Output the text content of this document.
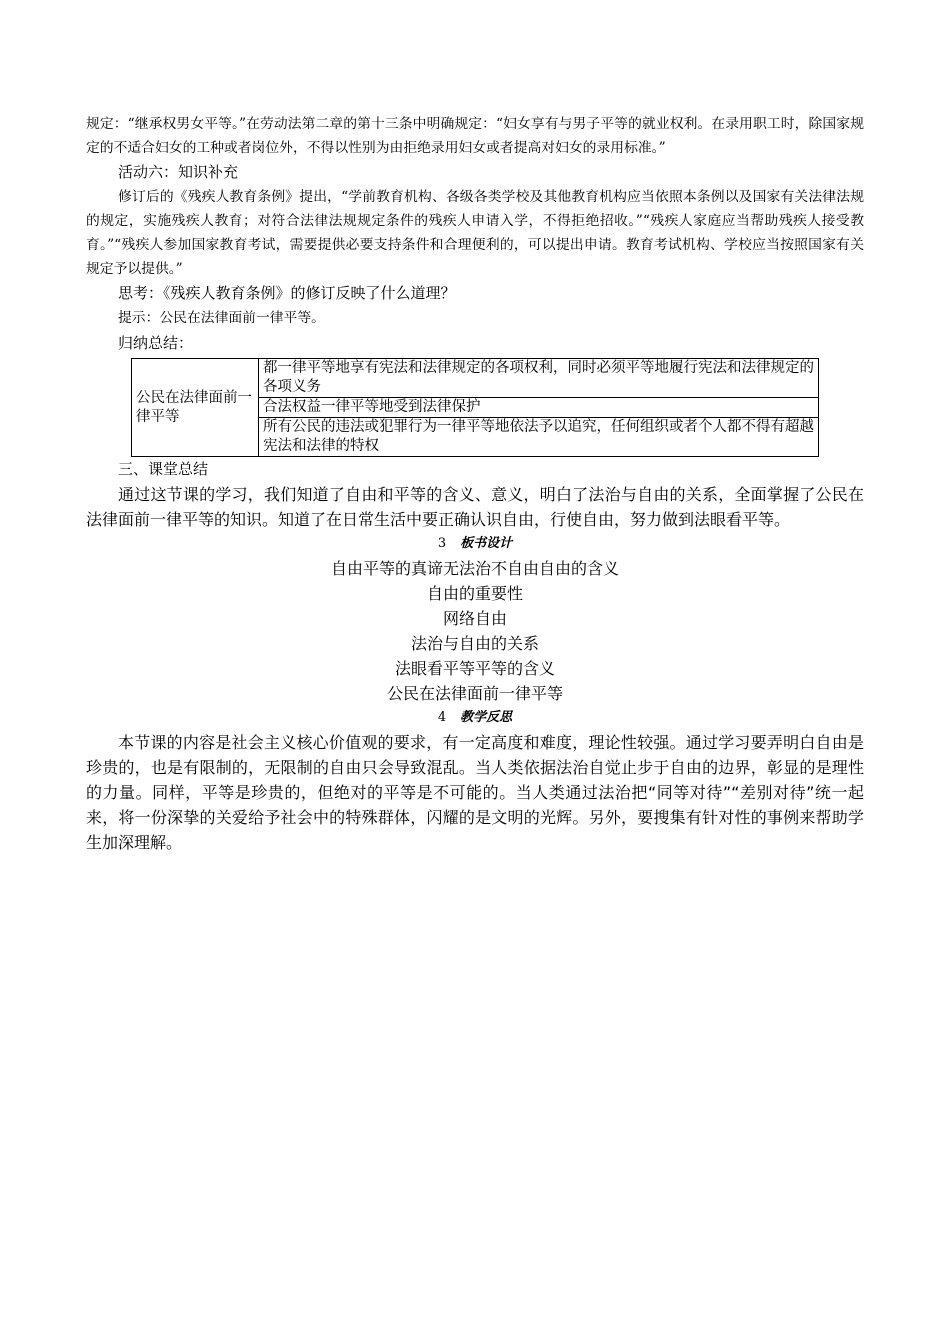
规定：“继承权男女平等。”在劳动法第二章的第十三条中明确规定：“妇女享有与男子平等的就业权利。在录用职工时，除国家规定的不适合妇女的工种或者岗位外，不得以性别为由拒绝录用妇女或者提高对妇女的录用标准。”

活动六：知识补充

修订后的《残疾人教育条例》提出，“学前教育机构、各级各类学校及其他教育机构应当依照本条例以及国家有关法律法规的规定，实施残疾人教育；对符合法律法规规定条件的残疾人申请入学，不得拒绝招收。”“残疾人家庭应当帮助残疾人接受教育。”“残疾人参加国家教育考试，需要提供必要支持条件和合理便利的，可以提出申请。教育考试机构、学校应当按照国家有关规定予以提供。”

思考：《残疾人教育条例》的修订反映了什么道理？

提示：公民在法律面前一律平等。

归纳总结：

公民在法律面前一律平等	都一律平等地享有宪法和法律规定的各项权利，同时必须平等地履行宪法和法律规定的各项义务
合法权益一律平等地受到法律保护
所有公民的违法或犯罪行为一律平等地依法予以追究，任何组织或者个人都不得有超越宪法和法律的特权

三、课堂总结

通过这节课的学习，我们知道了自由和平等的含义、意义，明白了法治与自由的关系，全面掌握了公民在法律面前一律平等的知识。知道了在日常生活中要正确认识自由，行使自由，努力做到法眼看平等。

3 板书设计

自由平等的真谛无法治不自由自由的含义

自由的重要性

网络自由

法治与自由的关系

法眼看平等平等的含义

公民在法律面前一律平等

4 教学反思

本节课的内容是社会主义核心价值观的要求，有一定高度和难度，理论性较强。通过学习要弄明白自由是珍贵的，也是有限制的，无限制的自由只会导致混乱。当人类依据法治自觉止步于自由的边界，彰显的是理性的力量。同样，平等是珍贵的，但绝对的平等是不可能的。当人类通过法治把“同等对待”“差别对待”统一起来，将一份深挚的关爱给予社会中的特殊群体，闪耀的是文明的光辉。另外，要搜集有针对性的事例来帮助学生加深理解。
